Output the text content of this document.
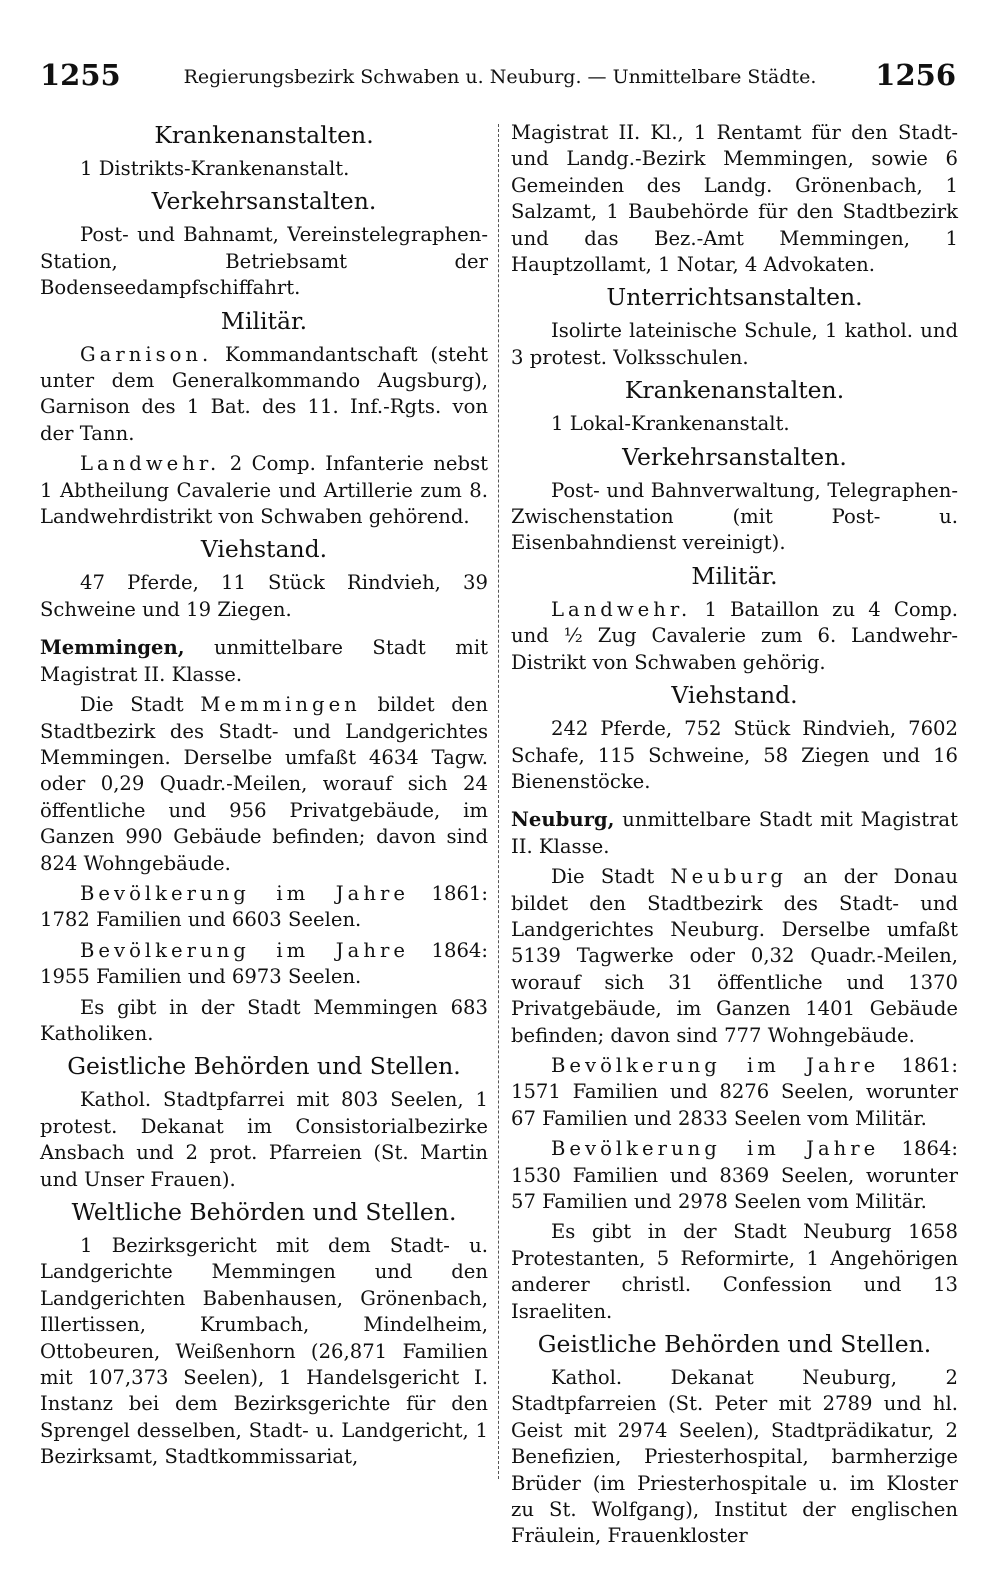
1255	Regierungsbezirk Schwaben u. Neuburg. — Unmittelbare Städte.	1256
Krankenanstalten.

1 Distrikts-Krankenanstalt.

Verkehrsanstalten.

Post- und Bahnamt, Vereinstelegraphen-Station, Betriebsamt der Bodenseedampfschiffahrt.

Militär.

Garnison. Kommandantschaft (steht unter dem Generalkommando Augsburg), Garnison des 1 Bat. des 11. Inf.-Rgts. von der Tann.

Landwehr. 2 Comp. Infanterie nebst 1 Abtheilung Cavalerie und Artillerie zum 8. Landwehrdistrikt von Schwaben gehörend.

Viehstand.

47 Pferde, 11 Stück Rindvieh, 39 Schweine und 19 Ziegen.

Memmingen, unmittelbare Stadt mit Magistrat II. Klasse.

Die Stadt Memmingen bildet den Stadtbezirk des Stadt- und Landgerichtes Memmingen. Derselbe umfaßt 4634 Tagw. oder 0,29 Quadr.-Meilen, worauf sich 24 öffentliche und 956 Privatgebäude, im Ganzen 990 Gebäude befinden; davon sind 824 Wohngebäude.

Bevölkerung im Jahre 1861: 1782 Familien und 6603 Seelen.

Bevölkerung im Jahre 1864: 1955 Familien und 6973 Seelen.

Es gibt in der Stadt Memmingen 683 Katholiken.

Geistliche Behörden und Stellen.

Kathol. Stadtpfarrei mit 803 Seelen, 1 protest. Dekanat im Consistorialbezirke Ansbach und 2 prot. Pfarreien (St. Martin und Unser Frauen).

Weltliche Behörden und Stellen.

1 Bezirksgericht mit dem Stadt- u. Landgerichte Memmingen und den Landgerichten Babenhausen, Grönenbach, Illertissen, Krumbach, Mindelheim, Ottobeuren, Weißenhorn (26,871 Familien mit 107,373 Seelen), 1 Handelsgericht I. Instanz bei dem Bezirksgerichte für den Sprengel desselben, Stadt- u. Landgericht, 1 Bezirksamt, Stadtkommissariat,

Magistrat II. Kl., 1 Rentamt für den Stadt- und Landg.-Bezirk Memmingen, sowie 6 Gemeinden des Landg. Grönenbach, 1 Salzamt, 1 Baubehörde für den Stadtbezirk und das Bez.-Amt Memmingen, 1 Hauptzollamt, 1 Notar, 4 Advokaten.

Unterrichtsanstalten.

Isolirte lateinische Schule, 1 kathol. und 3 protest. Volksschulen.

Krankenanstalten.

1 Lokal-Krankenanstalt.

Verkehrsanstalten.

Post- und Bahnverwaltung, Telegraphen-Zwischenstation (mit Post- u. Eisenbahndienst vereinigt).

Militär.

Landwehr. 1 Bataillon zu 4 Comp. und ½ Zug Cavalerie zum 6. Landwehr-Distrikt von Schwaben gehörig.

Viehstand.

242 Pferde, 752 Stück Rindvieh, 7602 Schafe, 115 Schweine, 58 Ziegen und 16 Bienenstöcke.

Neuburg, unmittelbare Stadt mit Magistrat II. Klasse.

Die Stadt Neuburg an der Donau bildet den Stadtbezirk des Stadt- und Landgerichtes Neuburg. Derselbe umfaßt 5139 Tagwerke oder 0,32 Quadr.-Meilen, worauf sich 31 öffentliche und 1370 Privatgebäude, im Ganzen 1401 Gebäude befinden; davon sind 777 Wohngebäude.

Bevölkerung im Jahre 1861: 1571 Familien und 8276 Seelen, worunter 67 Familien und 2833 Seelen vom Militär.

Bevölkerung im Jahre 1864: 1530 Familien und 8369 Seelen, worunter 57 Familien und 2978 Seelen vom Militär.

Es gibt in der Stadt Neuburg 1658 Protestanten, 5 Reformirte, 1 Angehörigen anderer christl. Confession und 13 Israeliten.

Geistliche Behörden und Stellen.

Kathol. Dekanat Neuburg, 2 Stadtpfarreien (St. Peter mit 2789 und hl. Geist mit 2974 Seelen), Stadtprädikatur, 2 Benefizien, Priesterhospital, barmherzige Brüder (im Priesterhospitale u. im Kloster zu St. Wolfgang), Institut der englischen Fräulein, Frauenkloster
